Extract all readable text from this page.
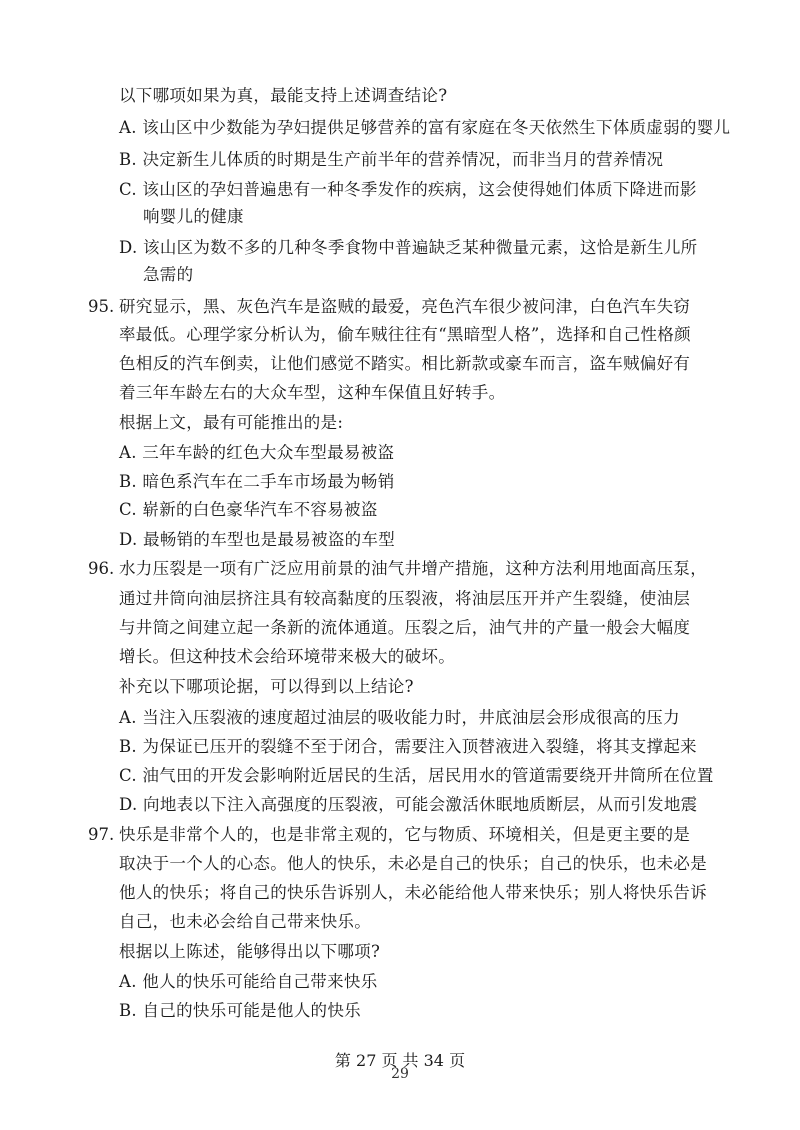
以下哪项如果为真，最能支持上述调查结论?
A. 该山区中少数能为孕妇提供足够营养的富有家庭在冬天依然生下体质虚弱的婴儿
B. 决定新生儿体质的时期是生产前半年的营养情况，而非当月的营养情况
C. 该山区的孕妇普遍患有一种冬季发作的疾病，这会使得她们体质下降进而影
响婴儿的健康
D. 该山区为数不多的几种冬季食物中普遍缺乏某种微量元素，这恰是新生儿所
急需的
95. 研究显示，黑、灰色汽车是盗贼的最爱，亮色汽车很少被问津，白色汽车失窃
率最低。心理学家分析认为，偷车贼往往有“黑暗型人格”，选择和自己性格颜
色相反的汽车倒卖，让他们感觉不踏实。相比新款或豪车而言，盗车贼偏好有
着三年车龄左右的大众车型，这种车保值且好转手。
根据上文，最有可能推出的是:
A. 三年车龄的红色大众车型最易被盗
B. 暗色系汽车在二手车市场最为畅销
C. 崭新的白色豪华汽车不容易被盗
D. 最畅销的车型也是最易被盗的车型
96. 水力压裂是一项有广泛应用前景的油气井增产措施，这种方法利用地面高压泵，
通过井筒向油层挤注具有较高黏度的压裂液，将油层压开并产生裂缝，使油层
与井筒之间建立起一条新的流体通道。压裂之后，油气井的产量一般会大幅度
增长。但这种技术会给环境带来极大的破坏。
补充以下哪项论据，可以得到以上结论?
A. 当注入压裂液的速度超过油层的吸收能力时，井底油层会形成很高的压力
B. 为保证已压开的裂缝不至于闭合，需要注入顶替液进入裂缝，将其支撑起来
C. 油气田的开发会影响附近居民的生活，居民用水的管道需要绕开井筒所在位置
D. 向地表以下注入高强度的压裂液，可能会激活休眠地质断层，从而引发地震
97. 快乐是非常个人的，也是非常主观的，它与物质、环境相关，但是更主要的是
取决于一个人的心态。他人的快乐，未必是自己的快乐；自己的快乐，也未必是
他人的快乐；将自己的快乐告诉别人，未必能给他人带来快乐；别人将快乐告诉
自己，也未必会给自己带来快乐。
根据以上陈述，能够得出以下哪项?
A. 他人的快乐可能给自己带来快乐
B. 自己的快乐可能是他人的快乐
第 27 页 共 34 页
29
